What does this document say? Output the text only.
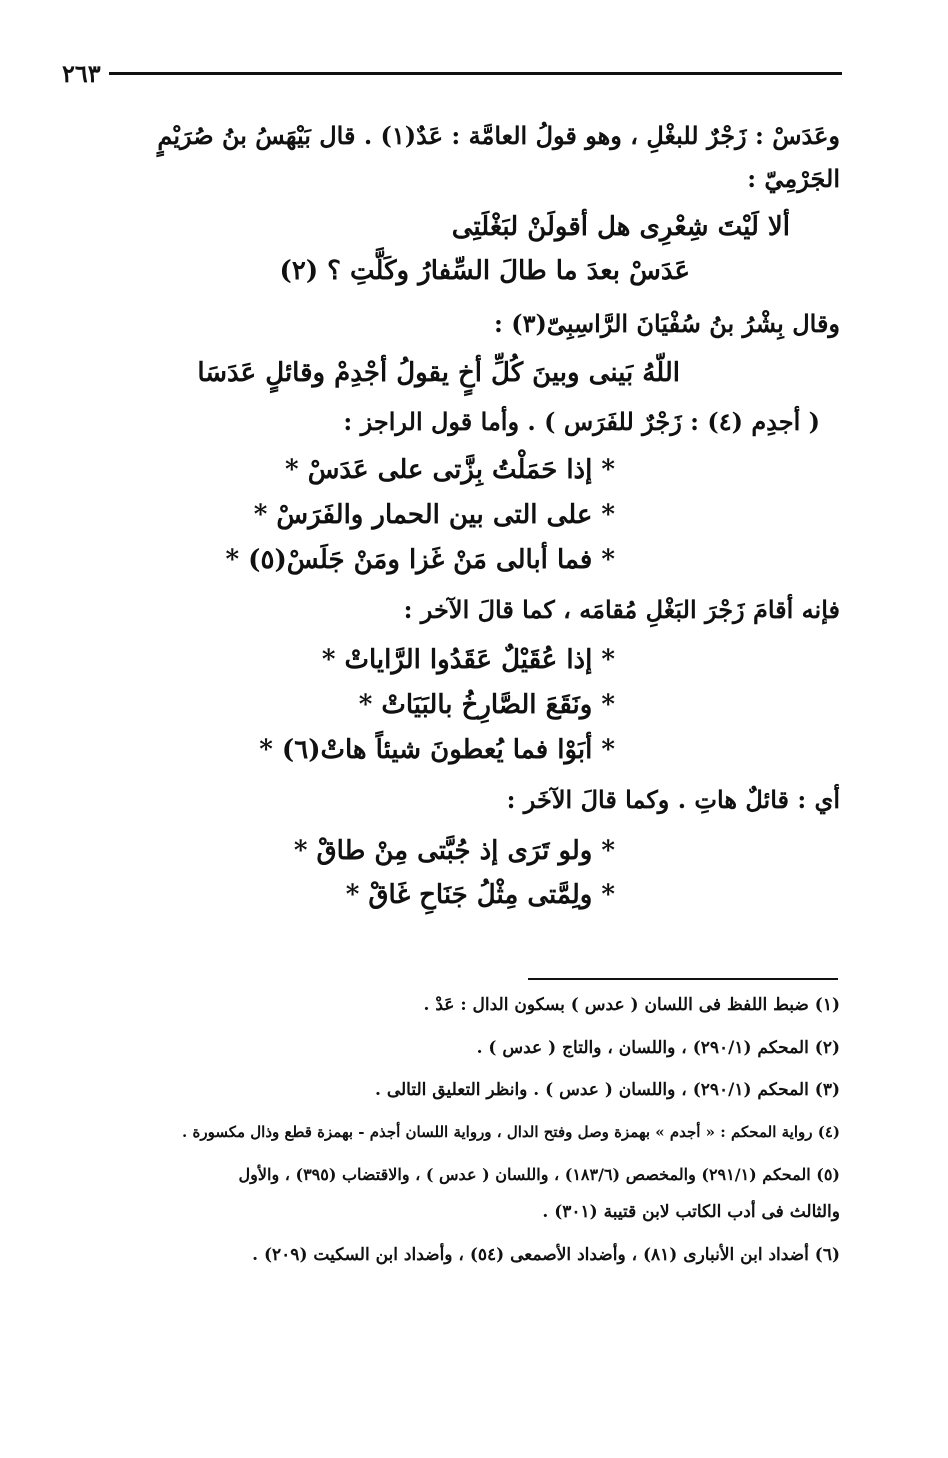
٢٦٣
وعَدَسْ : زَجْرٌ للبغْلِ ، وهو قولُ العامَّة : عَدٌ(١) . قال بَيْهَسُ بنُ صُرَيْمٍ
الجَرْمِيّ :
ألا لَيْتَ شِعْرِى هل أقولَنْ لبَغْلَتِى
عَدَسْ بعدَ ما طالَ السِّفارُ وكَلَّتِ ؟ (٢)
وقال بِشْرُ بنُ سُفْيَانَ الرَّاسِبِىّ(٣) :
اللّهُ بَينى وبينَ كُلِّ أخٍ يقولُ أجْدِمْ وقائلٍ عَدَسَا
( أجدِم (٤) : زَجْرٌ للفَرَس ) . وأما قول الراجز :
* إذا حَمَلْتُ بِزَّتى على عَدَسْ *
* على التى بين الحمار والفَرَسْ *
* فما أبالى مَنْ غَزا ومَنْ جَلَسْ(٥) *
فإنه أقامَ زَجْرَ البَغْلِ مُقامَه ، كما قالَ الآخر :
* إذا عُقَيْلٌ عَقَدُوا الرَّاياتْ *
* ونَقَعَ الصَّارِخُ بالبَيَاتْ *
* أبَوْا فما يُعطونَ شيئاً هاتْ(٦) *
أي : قائلٌ هاتِ . وكما قالَ الآخَر :
* ولو تَرَى إذ جُبَّتى مِنْ طاقْ *
* ولِمَّتى مِثْلُ جَنَاحِ غَاقْ *
(١) ضبط اللفظ فى اللسان ( عدس ) بسكون الدال : عَدْ .
(٢) المحكم (٢٩٠/١) ، واللسان ، والتاج ( عدس ) .
(٣) المحكم (٢٩٠/١) ، واللسان ( عدس ) . وانظر التعليق التالى .
(٤) رواية المحكم : « أجدم » بهمزة وصل وفتح الدال ، ورواية اللسان أجذم - بهمزة قطع وذال مكسورة .
(٥) المحكم (٢٩١/١) والمخصص (١٨٣/٦) ، واللسان ( عدس ) ، والاقتضاب (٣٩٥) ، والأول
والثالث فى أدب الكاتب لابن قتيبة (٣٠١) .
(٦) أضداد ابن الأنبارى (٨١) ، وأضداد الأصمعى (٥٤) ، وأضداد ابن السكيت (٢٠٩) .
